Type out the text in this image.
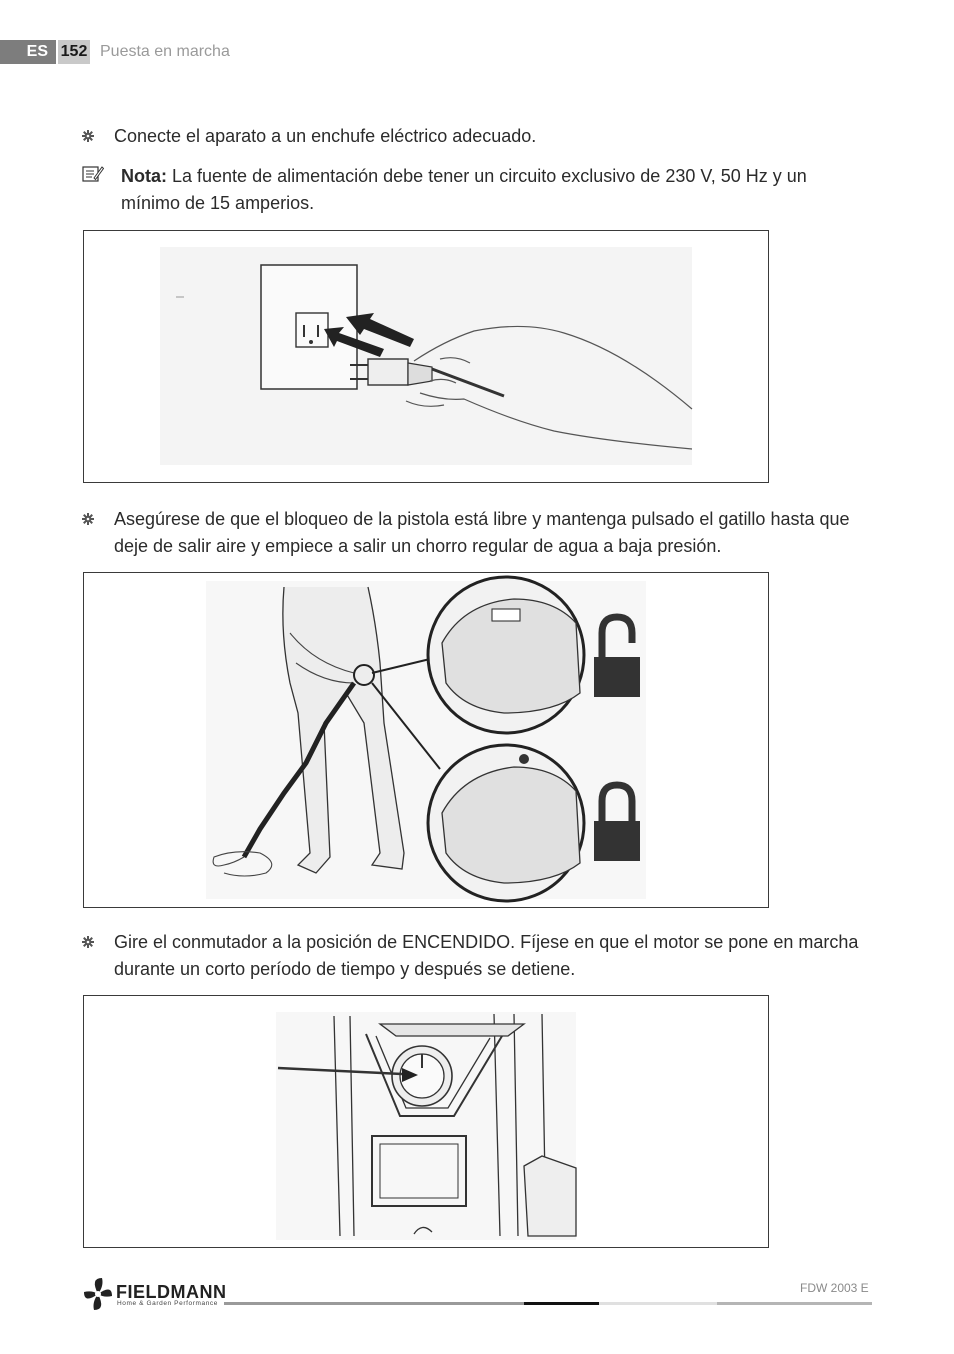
ES 152 Puesta en marcha
Conecte el aparato a un enchufe eléctrico adecuado.
Nota: La fuente de alimentación debe tener un circuito exclusivo de 230 V, 50 Hz y un
mínimo de 15 amperios.
Asegúrese de que el bloqueo de la pistola está libre y mantenga pulsado el gatillo hasta que
deje de salir aire y empiece a salir un chorro regular de agua a baja presión.
Gire el conmutador a la posición de ENCENDIDO. Fíjese en que el motor se pone en marcha
durante un corto período de tiempo y después se detiene.
FIELDMANN
Home & Garden Performance
FDW 2003 E
